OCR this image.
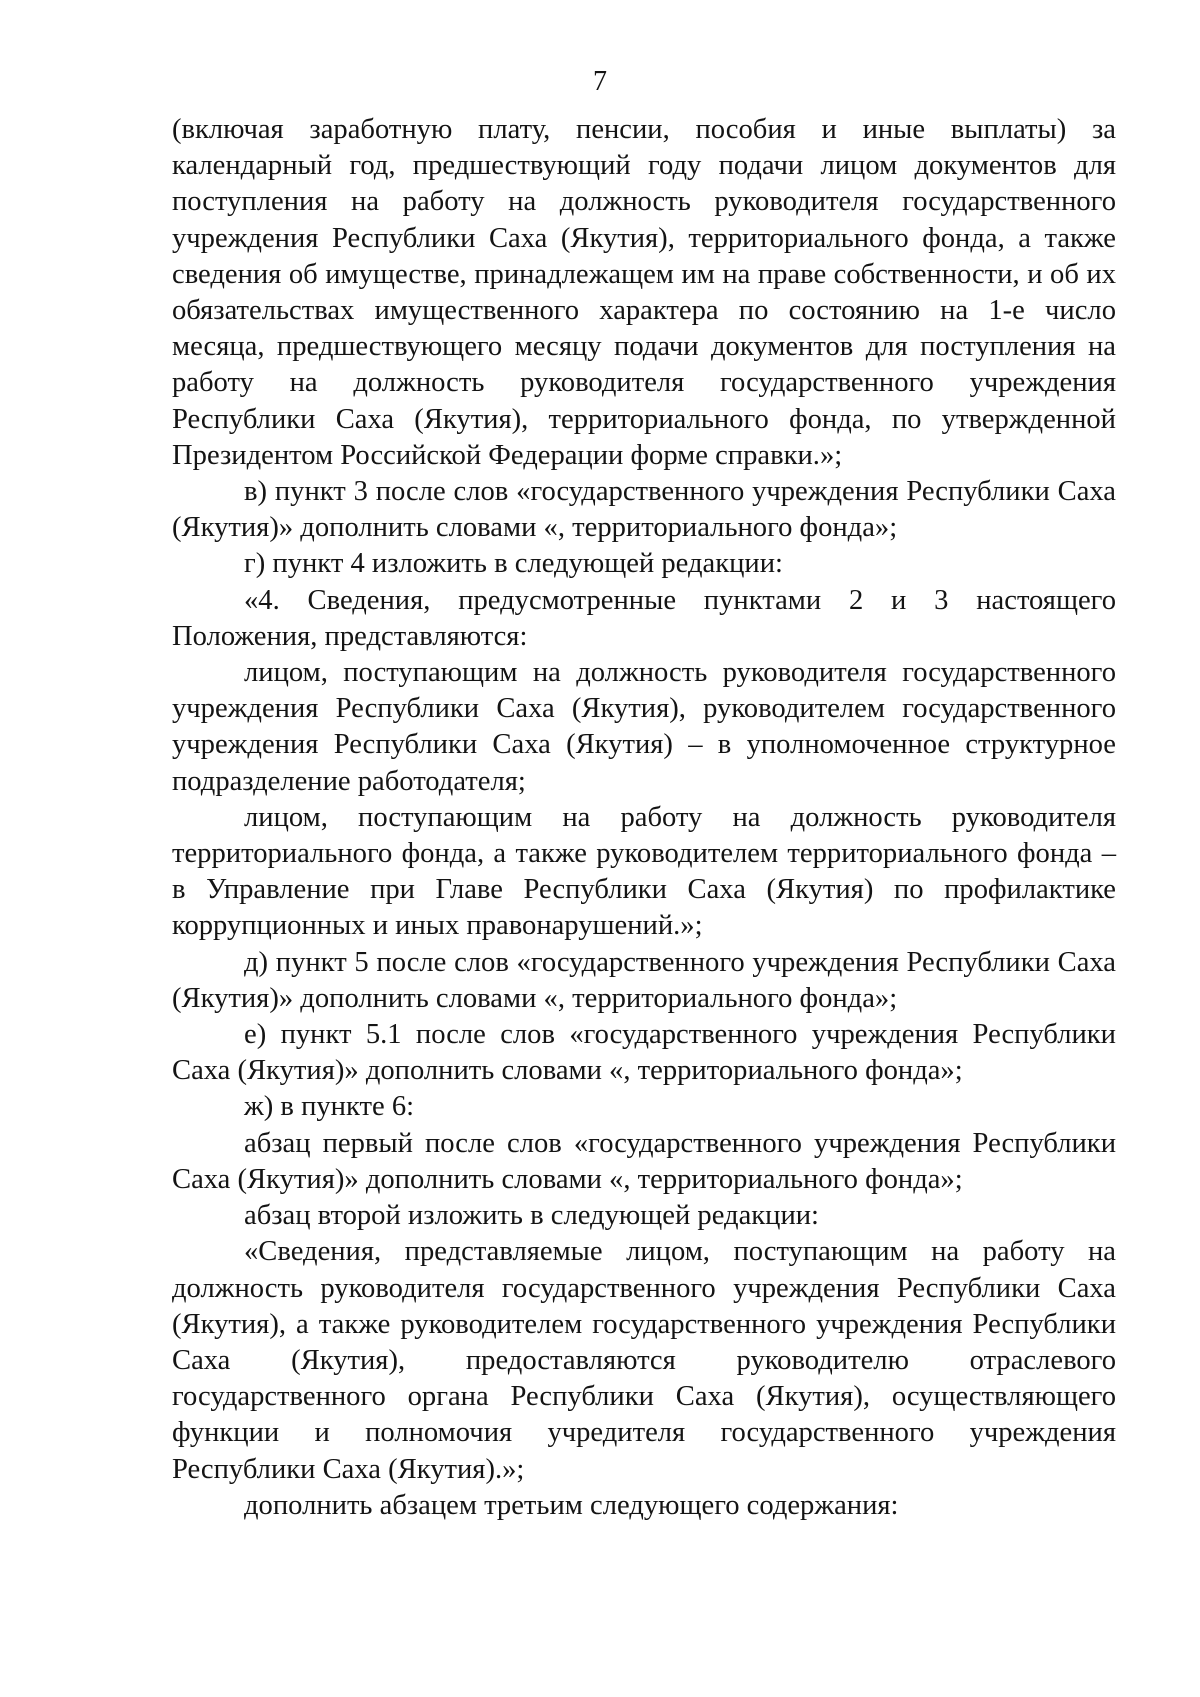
7

(включая заработную плату, пенсии, пособия и иные выплаты) за календарный год, предшествующий году подачи лицом документов для поступления на работу на должность руководителя государственного учреждения Республики Саха (Якутия), территориального фонда, а также сведения об имуществе, принадлежащем им на праве собственности, и об их обязательствах имущественного характера по состоянию на 1-е число месяца, предшествующего месяцу подачи документов для поступления на работу на должность руководителя государственного учреждения Республики Саха (Якутия), территориального фонда, по утвержденной Президентом Российской Федерации форме справки.»;

в) пункт 3 после слов «государственного учреждения Республики Саха (Якутия)» дополнить словами «, территориального фонда»;

г) пункт 4 изложить в следующей редакции:

«4. Сведения, предусмотренные пунктами 2 и 3 настоящего Положения, представляются:

лицом, поступающим на должность руководителя государственного учреждения Республики Саха (Якутия), руководителем государственного учреждения Республики Саха (Якутия) – в уполномоченное структурное подразделение работодателя;

лицом, поступающим на работу на должность руководителя территориального фонда, а также руководителем территориального фонда – в Управление при Главе Республики Саха (Якутия) по профилактике коррупционных и иных правонарушений.»;

д) пункт 5 после слов «государственного учреждения Республики Саха (Якутия)» дополнить словами «, территориального фонда»;

е) пункт 5.1 после слов «государственного учреждения Республики Саха (Якутия)» дополнить словами «, территориального фонда»;

ж) в пункте 6:

абзац первый после слов «государственного учреждения Республики Саха (Якутия)» дополнить словами «, территориального фонда»;

абзац второй изложить в следующей редакции:

«Сведения, представляемые лицом, поступающим на работу на должность руководителя государственного учреждения Республики Саха (Якутия), а также руководителем государственного учреждения Республики Саха (Якутия), предоставляются руководителю отраслевого государственного органа Республики Саха (Якутия), осуществляющего функции и полномочия учредителя государственного учреждения Республики Саха (Якутия).»;

дополнить абзацем третьим следующего содержания:
